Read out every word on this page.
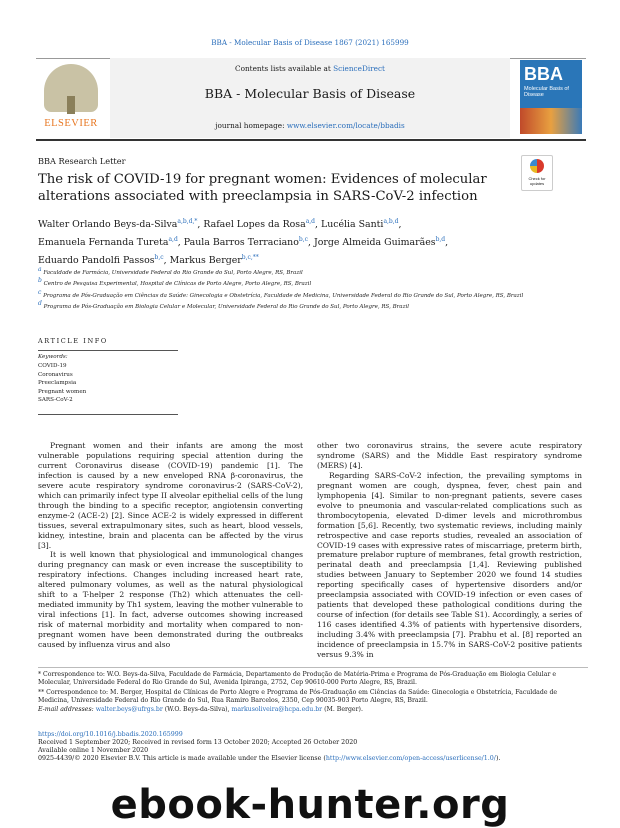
BBA - Molecular Basis of Disease 1867 (2021) 165999
ELSEVIER
Contents lists available at ScienceDirect
BBA - Molecular Basis of Disease
journal homepage: www.elsevier.com/locate/bbadis
BBA
Molecular Basis of Disease
BBA Research Letter
Check for updates
The risk of COVID-19 for pregnant women: Evidences of molecular alterations associated with preeclampsia in SARS-CoV-2 infection
Walter Orlando Beys-da-Silva$^{a,b,d,*}$, Rafael Lopes da Rosa$^{a,d}$, Lucélia Santi$^{a,b,d}$,
Emanuela Fernanda Tureta$^{a,d}$, Paula Barros Terraciano$^{b,c}$, Jorge Almeida Guimarães$^{b,d}$,
Eduardo Pandolfi Passos$^{b,c}$, Markus Berger$^{b,c,**}$

$^a$ Faculdade de Farmácia, Universidade Federal do Rio Grande do Sul, Porto Alegre, RS, Brazil

$^b$ Centro de Pesquisa Experimental, Hospital de Clínicas de Porto Alegre, Porto Alegre, RS, Brazil

$^c$ Programa de Pós-Graduação em Ciências da Saúde: Ginecologia e Obstetrícia, Faculdade de Medicina, Universidade Federal do Rio Grande do Sul, Porto Alegre, RS, Brazil

$^d$ Programa de Pós-Graduação em Biologia Celular e Molecular, Universidade Federal do Rio Grande do Sul, Porto Alegre, RS, Brazil

ARTICLE INFO
Keywords:
COVID-19
Coronavirus
Preeclampsia
Pregnant women
SARS-CoV-2

Pregnant women and their infants are among the most vulnerable populations requiring special attention during the current Coronavirus disease (COVID-19) pandemic [1]. The infection is caused by a new enveloped RNA β-coronavirus, the severe acute respiratory syndrome coronavirus-2 (SARS-CoV-2), which can primarily infect type II alveolar epithelial cells of the lung through the binding to a specific receptor, angiotensin converting enzyme-2 (ACE-2) [2]. Since ACE-2 is widely expressed in different tissues, several extrapulmonary sites, such as heart, blood vessels, kidney, intestine, brain and placenta can be affected by the virus [3].

It is well known that physiological and immunological changes during pregnancy can mask or even increase the susceptibility to respiratory infections. Changes including increased heart rate, altered pulmonary volumes, as well as the natural physiological shift to a T-helper 2 response (Th2) which attenuates the cell-mediated immunity by Th1 system, leaving the mother vulnerable to viral infections [1]. In fact, adverse outcomes showing increased risk of maternal morbidity and mortality when compared to non-pregnant women have been demonstrated during the outbreaks caused by influenza virus and also

other two coronavirus strains, the severe acute respiratory syndrome (SARS) and the Middle East respiratory syndrome (MERS) [4].

Regarding SARS-CoV-2 infection, the prevailing symptoms in pregnant women are cough, dyspnea, fever, chest pain and lymphopenia [4]. Similar to non-pregnant patients, severe cases evolve to pneumonia and vascular-related complications such as thrombocytopenia, elevated D-dimer levels and microthrombus formation [5,6]. Recently, two systematic reviews, including mainly retrospective and case reports studies, revealed an association of COVID-19 cases with expressive rates of miscarriage, preterm birth, premature prelabor rupture of membranes, fetal growth restriction, perinatal death and preeclampsia [1,4]. Reviewing published studies between January to September 2020 we found 14 studies reporting specifically cases of hypertensive disorders and/or preeclampsia associated with COVID-19 infection or even cases of patients that developed these pathological conditions during the course of infection (for details see Table S1). Accordingly, a series of 116 cases identified 4.3% of patients with hypertensive disorders, including 3.4% with preeclampsia [7]. Prabhu et al. [8] reported an incidence of preeclampsia in 15.7% in SARS-CoV-2 positive patients versus 9.3% in

* Correspondence to: W.O. Beys-da-Silva, Faculdade de Farmácia, Departamento de Produção de Matéria-Prima e Programa de Pós-Graduação em Biologia Celular e Molecular, Universidade Federal do Rio Grande do Sul, Avenida Ipiranga, 2752, Cep 90610-000 Porto Alegre, RS, Brazil.

** Correspondence to: M. Berger, Hospital de Clínicas de Porto Alegre e Programa de Pós-Graduação em Ciências da Saúde: Ginecologia e Obstetrícia, Faculdade de Medicina, Universidade Federal do Rio Grande do Sul, Rua Ramiro Barcelos, 2350, Cep 90035-903 Porto Alegre, RS, Brazil.

E-mail addresses: walter.beys@ufrgs.br (W.O. Beys-da-Silva), markusoliveira@hcpa.edu.br (M. Berger).

https://doi.org/10.1016/j.bbadis.2020.165999
Received 1 September 2020; Received in revised form 13 October 2020; Accepted 26 October 2020
Available online 1 November 2020
0925-4439/© 2020 Elsevier B.V. This article is made available under the Elsevier license (http://www.elsevier.com/open-access/userlicense/1.0/).
ebook-hunter.org
